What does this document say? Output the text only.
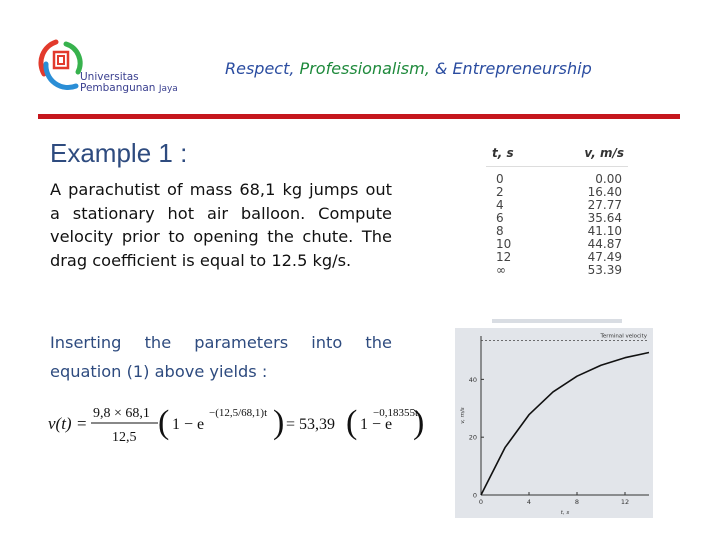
Universitas
Pembangunan Jaya
Respect, Professionalism, & Entrepreneurship
Example 1 :
A parachutist of mass 68,1 kg jumps out a stationary hot air balloon. Compute velocity prior to opening the chute. The drag coefficient is equal to 12.5 kg/s.
Inserting the parameters into the equation (1) above yields :
v(t) =
9,8 × 68,1
12,5 ( 1 − e
−(12,5/68,1)t ) = 53,39 ( 1 − e
−0,18355t
)
t, s	v, m/s
0	0.00
2	16.40
4	27.77
6	35.64
8	41.10
10	44.87
12	47.49
∞	53.39
0	4	8	12
0
20
40
t, s
v, m/s
Terminal velocity
